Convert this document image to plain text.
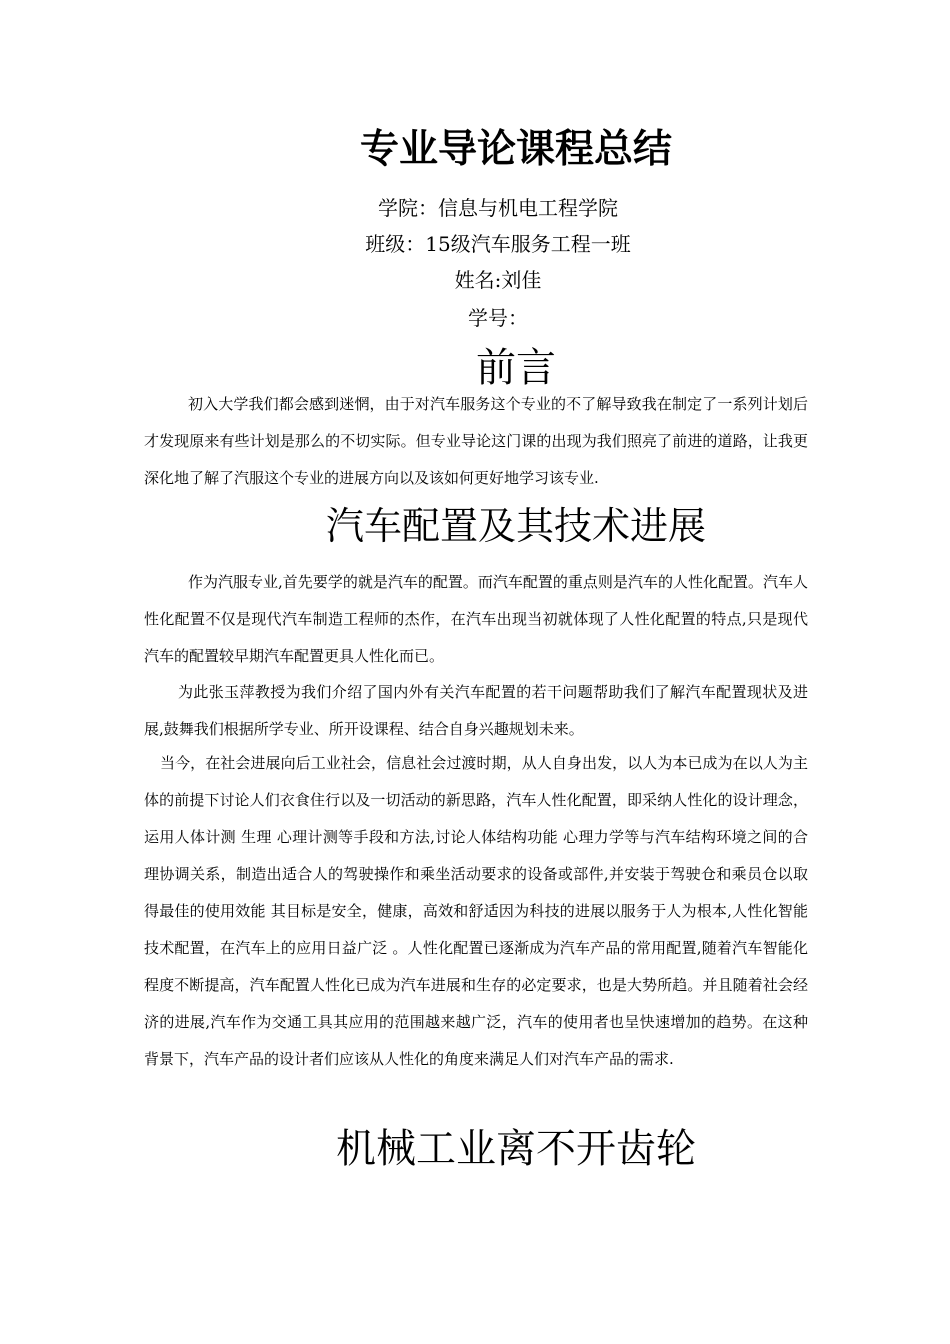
专业导论课程总结

学院：信息与机电工程学院

班级：15级汽车服务工程一班

姓名:刘佳

学号：

前言

初入大学我们都会感到迷惘，由于对汽车服务这个专业的不了解导致我在制定了一系列计划后才发现原来有些计划是那么的不切实际。但专业导论这门课的出现为我们照亮了前进的道路，让我更深化地了解了汽服这个专业的进展方向以及该如何更好地学习该专业.

汽车配置及其技术进展

作为汽服专业,首先要学的就是汽车的配置。而汽车配置的重点则是汽车的人性化配置。汽车人性化配置不仅是现代汽车制造工程师的杰作，在汽车出现当初就体现了人性化配置的特点,只是现代汽车的配置较早期汽车配置更具人性化而已。

为此张玉萍教授为我们介绍了国内外有关汽车配置的若干问题帮助我们了解汽车配置现状及进展,鼓舞我们根据所学专业、所开设课程、结合自身兴趣规划未来。

当今，在社会进展向后工业社会，信息社会过渡时期，从人自身出发，以人为本已成为在以人为主体的前提下讨论人们衣食住行以及一切活动的新思路，汽车人性化配置，即采纳人性化的设计理念，运用人体计测 生理 心理计测等手段和方法,讨论人体结构功能 心理力学等与汽车结构环境之间的合理协调关系，制造出适合人的驾驶操作和乘坐活动要求的设备或部件,并安装于驾驶仓和乘员仓以取得最佳的使用效能 其目标是安全，健康，高效和舒适因为科技的进展以服务于人为根本,人性化智能技术配置，在汽车上的应用日益广泛 。人性化配置已逐渐成为汽车产品的常用配置,随着汽车智能化程度不断提高，汽车配置人性化已成为汽车进展和生存的必定要求，也是大势所趋。并且随着社会经济的进展,汽车作为交通工具其应用的范围越来越广泛，汽车的使用者也呈快速增加的趋势。在这种背景下，汽车产品的设计者们应该从人性化的角度来满足人们对汽车产品的需求.

机械工业离不开齿轮
